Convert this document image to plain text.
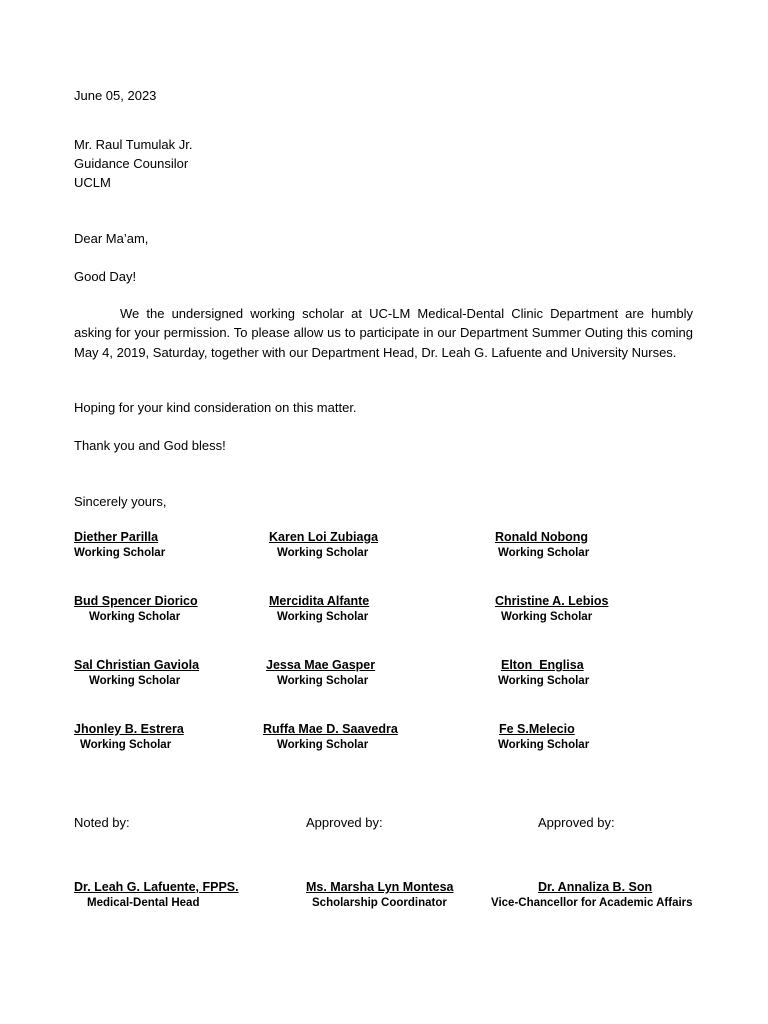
June 05, 2023
Mr. Raul Tumulak Jr.
Guidance Counsilor
UCLM
Dear Ma’am,
Good Day!
We the undersigned working scholar at UC-LM Medical-Dental Clinic Department are humbly asking for your permission. To please allow us to participate in our Department Summer Outing this coming May 4, 2019, Saturday, together with our Department Head, Dr. Leah G. Lafuente and University Nurses.
Hoping for your kind consideration on this matter.
Thank you and God bless!
Sincerely yours,
Diether Parilla
Working Scholar
Karen Loi Zubiaga
Working Scholar
Ronald Nobong
Working Scholar
Bud Spencer Diorico
Working Scholar
Mercidita Alfante
Working Scholar
Christine A. Lebios
Working Scholar
Sal Christian Gaviola
Working Scholar
Jessa Mae Gasper
Working Scholar
Elton  Englisa
Working Scholar
Jhonley B. Estrera
Working Scholar
Ruffa Mae D. Saavedra
Working Scholar
Fe S.Melecio
Working Scholar
Noted by:	Approved by:	Approved by:
Dr. Leah G. Lafuente, FPPS.
Medical-Dental Head
Ms. Marsha Lyn Montesa
Scholarship Coordinator
Dr. Annaliza B. Son
Vice-Chancellor for Academic Affairs
